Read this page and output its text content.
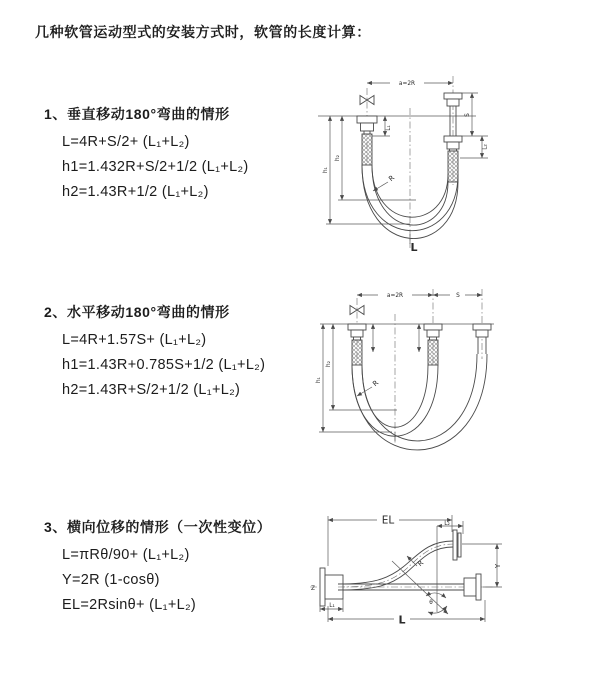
几种软管运动型式的安装方式时，软管的长度计算：
1、垂直移动180°弯曲的情形
L=4R+S/2+ (L₁+L₂)
h1=1.432R+S/2+1/2 (L₁+L₂)
h2=1.43R+1/2 (L₁+L₂)
2、水平移动180°弯曲的情形
L=4R+1.57S+ (L₁+L₂)
h1=1.43R+0.785S+1/2 (L₁+L₂)
h2=1.43R+S/2+1/2 (L₁+L₂)
3、横向位移的情形（一次性变位）
L=πRθ/90+ (L₁+L₂)
Y=2R (1-cosθ)
EL=2Rsinθ+ (L₁+L₂)
a=2R
L₁
S
L₂
h₁
h₂
R
L
a=2R	S
h₁
h₂
R
EL	L₂
Z
Y
θ
R
L₁
L
